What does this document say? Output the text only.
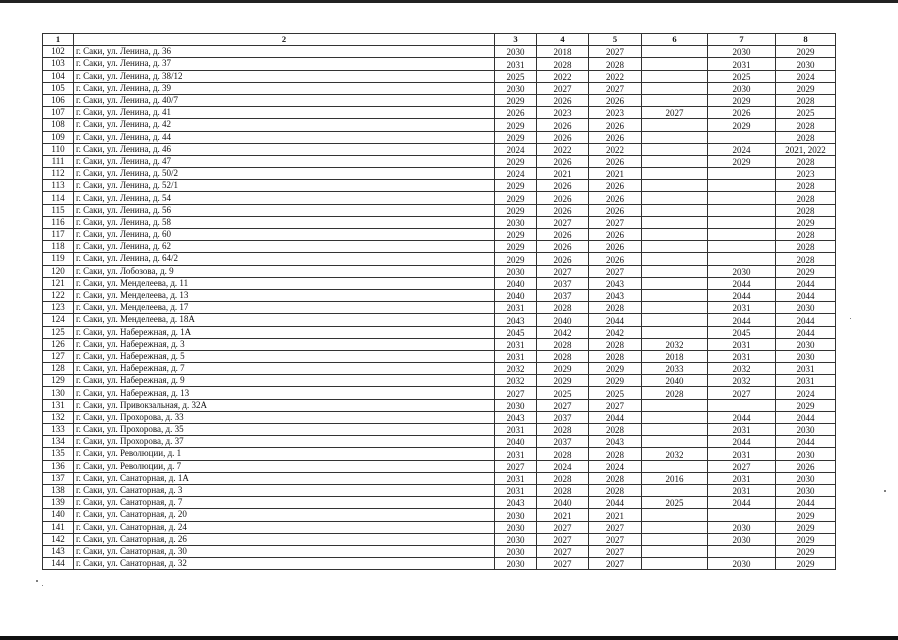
1	2	3	4	5	6	7	8
102	г. Саки, ул. Ленина, д. 36	2030	2018	2027		2030	2029
103	г. Саки, ул. Ленина, д. 37	2031	2028	2028		2031	2030
104	г. Саки, ул. Ленина, д. 38/12	2025	2022	2022		2025	2024
105	г. Саки, ул. Ленина, д. 39	2030	2027	2027		2030	2029
106	г. Саки, ул. Ленина, д. 40/7	2029	2026	2026		2029	2028
107	г. Саки, ул. Ленина, д. 41	2026	2023	2023	2027	2026	2025
108	г. Саки, ул. Ленина, д. 42	2029	2026	2026		2029	2028
109	г. Саки, ул. Ленина, д. 44	2029	2026	2026			2028
110	г. Саки, ул. Ленина, д. 46	2024	2022	2022		2024	2021, 2022
111	г. Саки, ул. Ленина, д. 47	2029	2026	2026		2029	2028
112	г. Саки, ул. Ленина, д. 50/2	2024	2021	2021			2023
113	г. Саки, ул. Ленина, д. 52/1	2029	2026	2026			2028
114	г. Саки, ул. Ленина, д. 54	2029	2026	2026			2028
115	г. Саки, ул. Ленина, д. 56	2029	2026	2026			2028
116	г. Саки, ул. Ленина, д. 58	2030	2027	2027			2029
117	г. Саки, ул. Ленина, д. 60	2029	2026	2026			2028
118	г. Саки, ул. Ленина, д. 62	2029	2026	2026			2028
119	г. Саки, ул. Ленина, д. 64/2	2029	2026	2026			2028
120	г. Саки, ул. Лобозова, д. 9	2030	2027	2027		2030	2029
121	г. Саки, ул. Менделеева, д. 11	2040	2037	2043		2044	2044
122	г. Саки, ул. Менделеева, д. 13	2040	2037	2043		2044	2044
123	г. Саки, ул. Менделеева, д. 17	2031	2028	2028		2031	2030
124	г. Саки, ул. Менделеева, д. 18А	2043	2040	2044		2044	2044
125	г. Саки, ул. Набережная, д. 1А	2045	2042	2042		2045	2044
126	г. Саки, ул. Набережная, д. 3	2031	2028	2028	2032	2031	2030
127	г. Саки, ул. Набережная, д. 5	2031	2028	2028	2018	2031	2030
128	г. Саки, ул. Набережная, д. 7	2032	2029	2029	2033	2032	2031
129	г. Саки, ул. Набережная, д. 9	2032	2029	2029	2040	2032	2031
130	г. Саки, ул. Набережная, д. 13	2027	2025	2025	2028	2027	2024
131	г. Саки, ул. Привокзальная, д. 32А	2030	2027	2027			2029
132	г. Саки, ул. Прохорова, д. 33	2043	2037	2044		2044	2044
133	г. Саки, ул. Прохорова, д. 35	2031	2028	2028		2031	2030
134	г. Саки, ул. Прохорова, д. 37	2040	2037	2043		2044	2044
135	г. Саки, ул. Революции, д. 1	2031	2028	2028	2032	2031	2030
136	г. Саки, ул. Революции, д. 7	2027	2024	2024		2027	2026
137	г. Саки, ул. Санаторная, д. 1А	2031	2028	2028	2016	2031	2030
138	г. Саки, ул. Санаторная, д. 3	2031	2028	2028		2031	2030
139	г. Саки, ул. Санаторная, д. 7	2043	2040	2044	2025	2044	2044
140	г. Саки, ул. Санаторная, д. 20	2030	2021	2021			2029
141	г. Саки, ул. Санаторная, д. 24	2030	2027	2027		2030	2029
142	г. Саки, ул. Санаторная, д. 26	2030	2027	2027		2030	2029
143	г. Саки, ул. Санаторная, д. 30	2030	2027	2027			2029
144	г. Саки, ул. Санаторная, д. 32	2030	2027	2027		2030	2029
